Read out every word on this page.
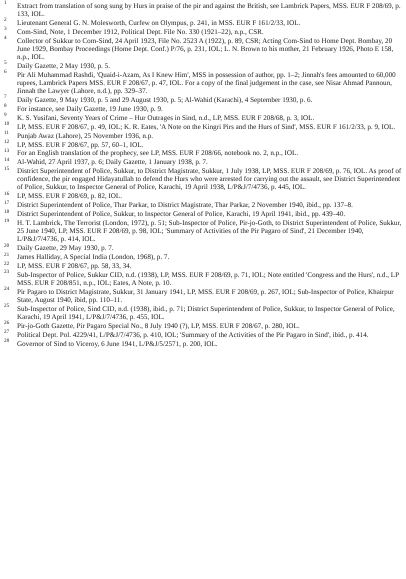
1	Extract from translation of song sung by Hurs in praise of the pir and against the British, see Lambrick Papers, MSS. EUR F 208/69, p. 133, IOL.
2	Lieutenant General G. N. Molesworth, Curfew on Olympus, p. 241, in MSS. EUR F 161/2/33, IOL.
3	Com-Sind, Note, 1 December 1912, Political Dept. File No. 330 (1921–22), n.p., CSR.
4	Collector of Sukkur to Com-Sind, 24 April 1923, File No. 2523 A (1922), p. 89, CSR; Acting Com-Sind to Home Dept. Bombay, 20 June 1929, Bombay Proceedings (Home Dept. Conf.) P/76, p. 231, IOL; L. N. Brown to his mother, 21 February 1926, Photo E 158, n.p., IOL.
5	Daily Gazette, 2 May 1930, p. 5.
6	Pir Ali Muhammad Rashdi, 'Quaid-i-Azam, As I Knew Him', MSS in possession of author, pp. 1–2; Jinnah's fees amounted to 60,000 rupees, Lambrick Papers MSS. EUR F 208/67, p. 47, IOL. For a copy of the final judgement in the case, see Nisar Ahmad Pannoun, Jinnah the Lawyer (Lahore, n.d.), pp. 329–37.
7	Daily Gazette, 9 May 1930, p. 5 and 29 August 1930, p. 5; Al-Wahid (Karachi), 4 September 1930, p. 6.
8	For instance, see Daily Gazette, 19 June 1930, p. 9.
9	K. S. Yusifani, Seventy Years of Crime – Hur Outrages in Sind, n.d., LP, MSS. EUR F 208/68, p. 3, IOL.
10	LP, MSS. EUR F 208/67, p. 49, IOL; K. R. Eates, 'A Note on the Kingri Pirs and the Hurs of Sind', MSS. EUR F 161/2/33, p. 9, IOL.
11	Punjab Awaz (Lahore), 25 November 1936, n.p.
12	LP, MSS. EUR F 208/67, pp. 57, 60–1, IOL.
13	For an English translation of the prophecy, see LP, MSS. EUR F 208/66, notebook no. 2, n.p., IOL.
14	Al-Wahid, 27 April 1937, p. 6; Daily Gazette, 1 January 1938, p. 7.
15	District Superintendent of Police, Sukkur, to District Magistrate, Sukkur, 1 July 1938, LP, MSS. EUR F 208/69, p. 76, IOL. As proof of confidence, the pir engaged Hidayatullah to defend the Hurs who were arrested for carrying out the assault, see District Superintendent of Police, Sukkur, to Inspector General of Police, Karachi, 19 April 1938, L/P&J/7/4736, p. 445, IOL.
16	LP, MSS. EUR F 208/69, p. 82, IOL.
17	District Superintendent of Police, Thar Parkar, to District Magistrate, Thar Parkar, 2 November 1940, ibid., pp. 137–8.
18	District Superintendent of Police, Sukkur, to Inspector General of Police, Karachi, 19 April 1941, ibid., pp. 439–40.
19	H. T. Lambrick, The Terrorist (London, 1972), p. 51; Sub-Inspector of Police, Pir-jo-Goth, to District Superintendent of Police, Sukkur, 25 June 1940, LP, MSS. EUR F 208/69, p. 98, IOL; 'Summary of Activities of the Pir Pagaro of Sind', 21 December 1940, L/P&J/7/4736, p. 414, IOL.
20	Daily Gazette, 29 May 1930, p. 7.
21	James Halliday, A Special India (London, 1968), p. 7.
22	LP, MSS. EUR F 208/67, pp. 58, 33, 34.
23	Sub-Inspector of Police, Sukkur CID, n.d. (1938), LP, MSS. EUR F 208/69, p. 71, IOL; Note entitled 'Congress and the Hurs', n.d., LP MSS. EUR F 208/851, n.p., IOL; Eates, A Note, p. 10.
24	Pir Pagaro to District Magistrate, Sukkur, 31 January 1941, LP, MSS. EUR F 208/69, p. 267, IOL; Sub-Inspector of Police, Khairpur State, August 1940, ibid, pp. 110–11.
25	Sub-Inspector of Police, Sind CID, n.d. (1938), ibid., p. 71; District Superintendent of Police, Sukkur, to Inspector General of Police, Karachi, 19 April 1941, L/P&J/7/4736, p. 455, IOL.
26	Pir-jo-Goth Gazette, Pir Pagaro Special No., 8 July 1940 (?), LP, MSS. EUR F 208/67, p. 280, IOL.
27	Political Dept. Pol. 4229/41, L/P&J/7/4736, p. 410, IOL; 'Summary of the Activities of the Pir Pagaro in Sind', ibid., p. 414.
28	Governor of Sind to Viceroy, 6 June 1941, L/P&J/5/2571, p. 200, IOL.
